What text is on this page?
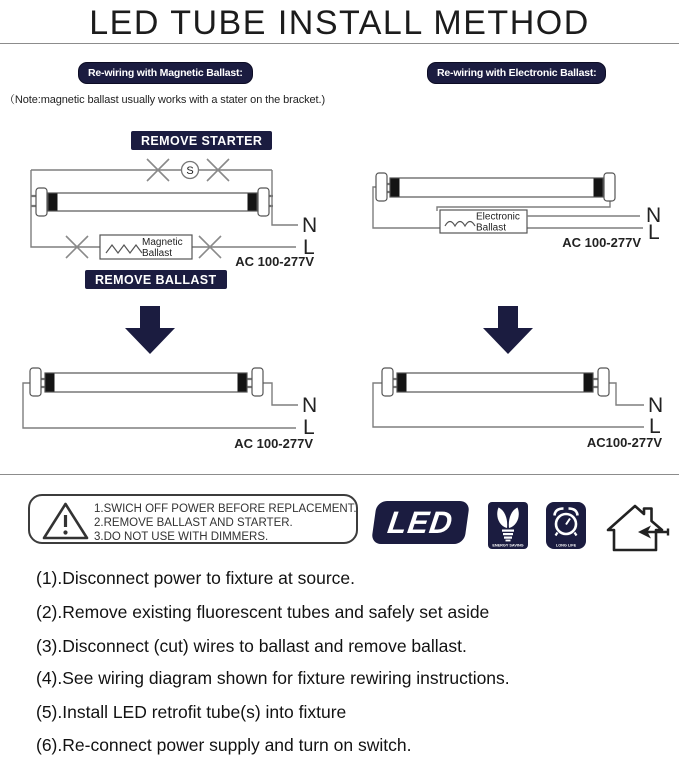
LED TUBE INSTALL METHOD
Re-wiring with Magnetic Ballast:	Re-wiring with Electronic Ballast:
（Note:magnetic ballast usually works with a stater on the bracket.)
REMOVE STARTER
S
Magnetic
Ballast
N
L
AC 100-277V
REMOVE BALLAST
Electronic
Ballast
N
L
AC 100-277V
N
L
AC 100-277V
N
L
AC100-277V
1.SWICH OFF POWER BEFORE REPLACEMENT.
2.REMOVE BALLAST AND STARTER.
3.DO NOT USE WITH DIMMERS.	LED
ENERGY SAVING	LONG LIFE
(1).Disconnect power to fixture at source.
(2).Remove existing fluorescent tubes and safely set aside
(3).Disconnect (cut) wires to ballast and remove ballast.
(4).See wiring diagram shown for fixture rewiring instructions.
(5).Install LED retrofit tube(s) into fixture
(6).Re-connect power supply and turn on switch.
